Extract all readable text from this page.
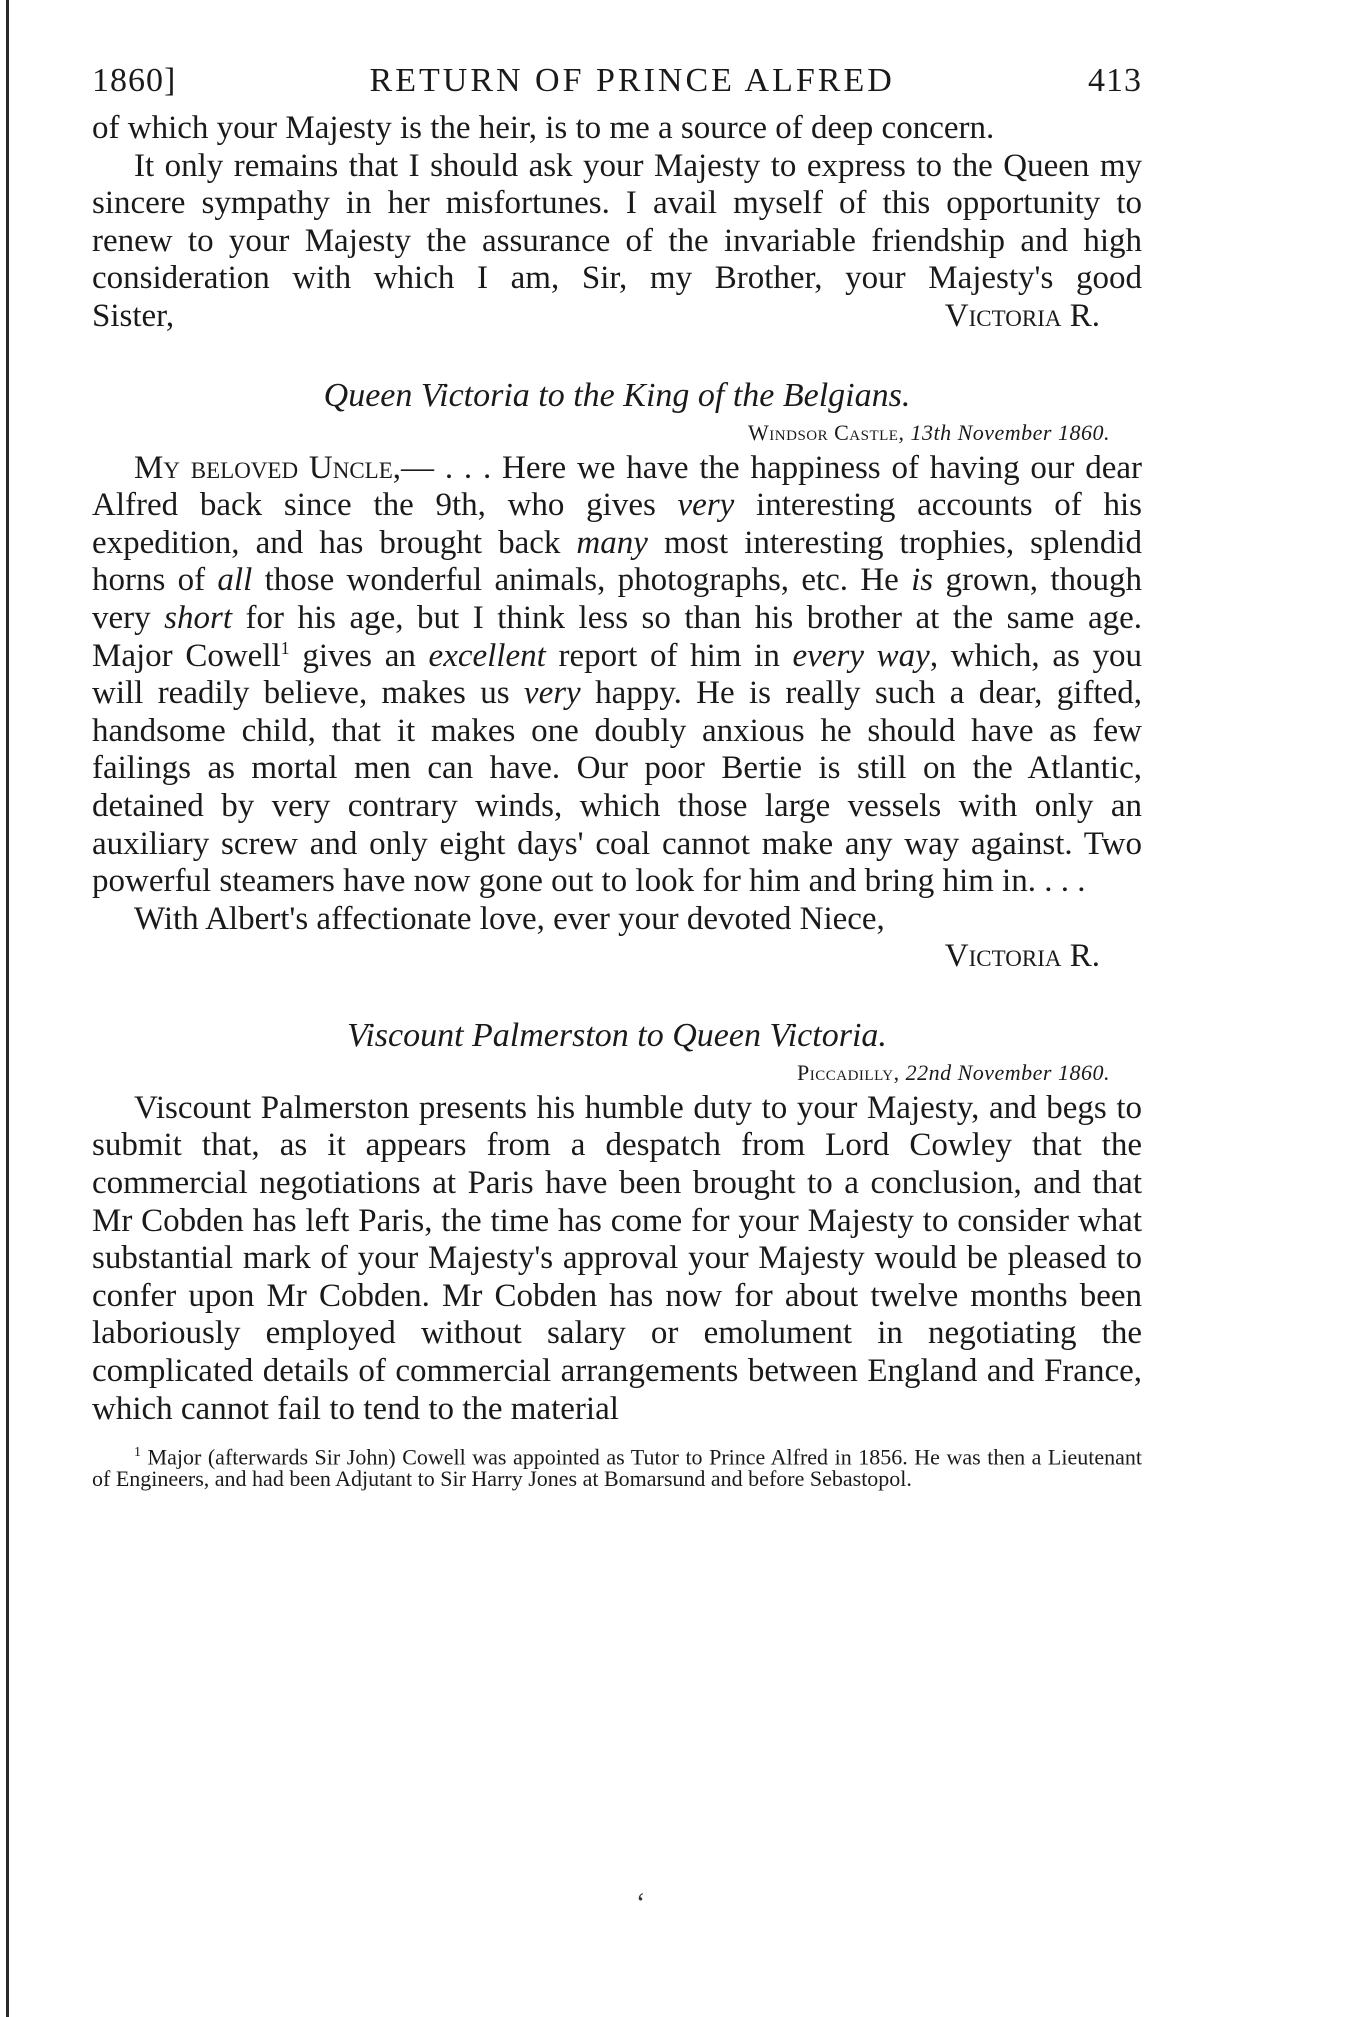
1860]	RETURN OF PRINCE ALFRED	413

of which your Majesty is the heir, is to me a source of deep concern.

It only remains that I should ask your Majesty to express to the Queen my sincere sympathy in her misfortunes. I avail myself of this opportunity to renew to your Majesty the assurance of the invariable friendship and high consideration with which I am, Sir, my Brother, your Majesty's good

Sister,	Victoria R.
Queen Victoria to the King of the Belgians.
Windsor Castle, 13th November 1860.

My beloved Uncle,— . . . Here we have the happiness of having our dear Alfred back since the 9th, who gives very interesting accounts of his expedition, and has brought back many most interesting trophies, splendid horns of all those wonderful animals, photographs, etc. He is grown, though very short for his age, but I think less so than his brother at the same age. Major Cowell$^1$ gives an excellent report of him in every way, which, as you will readily believe, makes us very happy. He is really such a dear, gifted, handsome child, that it makes one doubly anxious he should have as few failings as mortal men can have. Our poor Bertie is still on the Atlantic, detained by very contrary winds, which those large vessels with only an auxiliary screw and only eight days' coal cannot make any way against. Two powerful steamers have now gone out to look for him and bring him in. . . .

With Albert's affectionate love, ever your devoted Niece,

Victoria R.
Viscount Palmerston to Queen Victoria.
Piccadilly, 22nd November 1860.

Viscount Palmerston presents his humble duty to your Majesty, and begs to submit that, as it appears from a despatch from Lord Cowley that the commercial negotiations at Paris have been brought to a conclusion, and that Mr Cobden has left Paris, the time has come for your Majesty to consider what substantial mark of your Majesty's approval your Majesty would be pleased to confer upon Mr Cobden. Mr Cobden has now for about twelve months been laboriously employed without salary or emolument in negotiating the complicated details of commercial arrangements between England and France, which cannot fail to tend to the material

$^1$ Major (afterwards Sir John) Cowell was appointed as Tutor to Prince Alfred in 1856. He was then a Lieutenant of Engineers, and had been Adjutant to Sir Harry Jones at Bomarsund and before Sebastopol.
‘
